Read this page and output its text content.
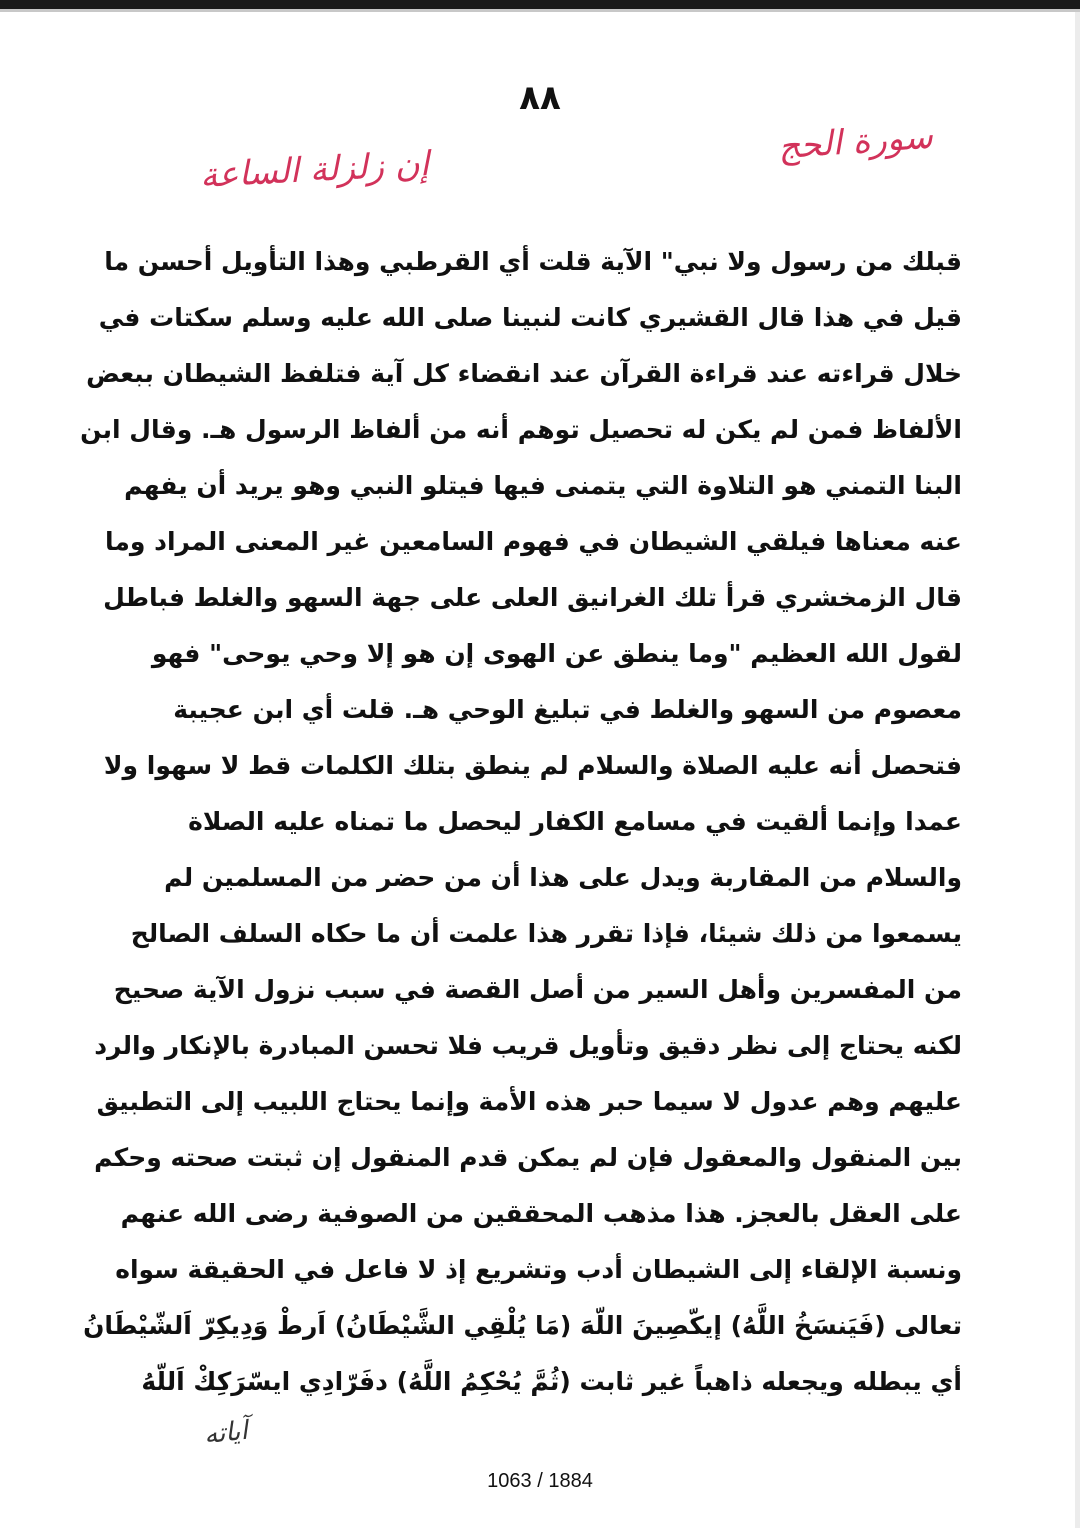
٨٨
سورة الحج
إن زلزلة الساعة
قبلك من رسول ولا نبي" الآية قلت أي القرطبي وهذا التأويل أحسن ما
قيل في هذا قال القشيري كانت لنبينا صلى الله عليه وسلم سكتات في
خلال قراءته عند قراءة القرآن عند انقضاء كل آية فتلفظ الشيطان ببعض
الألفاظ فمن لم يكن له تحصيل توهم أنه من ألفاظ الرسول هـ. وقال ابن
البنا التمني هو التلاوة التي يتمنى فيها فيتلو النبي وهو يريد أن يفهم
عنه معناها فيلقي الشيطان في فهوم السامعين غير المعنى المراد وما
قال الزمخشري قرأ تلك الغرانيق العلى على جهة السهو والغلط فباطل
لقول الله العظيم "وما ينطق عن الهوى إن هو إلا وحي يوحى" فهو
معصوم من السهو والغلط في تبليغ الوحي هـ. قلت أي ابن عجيبة
فتحصل أنه عليه الصلاة والسلام لم ينطق بتلك الكلمات قط لا سهوا ولا
عمدا وإنما ألقيت في مسامع الكفار ليحصل ما تمناه عليه الصلاة
والسلام من المقاربة ويدل على هذا أن من حضر من المسلمين لم
يسمعوا من ذلك شيئا، فإذا تقرر هذا علمت أن ما حكاه السلف الصالح
من المفسرين وأهل السير من أصل القصة في سبب نزول الآية صحيح
لكنه يحتاج إلى نظر دقيق وتأويل قريب فلا تحسن المبادرة بالإنكار والرد
عليهم وهم عدول لا سيما حبر هذه الأمة وإنما يحتاج اللبيب إلى التطبيق
بين المنقول والمعقول فإن لم يمكن قدم المنقول إن ثبتت صحته وحكم
على العقل بالعجز. هذا مذهب المحققين من الصوفية رضى الله عنهم
ونسبة الإلقاء إلى الشيطان أدب وتشريع إذ لا فاعل في الحقيقة سواه
تعالى (فَيَنسَخُ اللَّهُ) إيكّصِينَ اللّهَ (مَا يُلْقِي الشَّيْطَانُ) اَرطْ وَدِيكِرّ اَلشّيْطَانُ
أي يبطله ويجعله ذاهباً غير ثابت (ثُمَّ يُحْكِمُ اللَّهُ) دفَرّادِي ايسّرَكِكْ اَللّهُ
آياته
1063 / 1884
